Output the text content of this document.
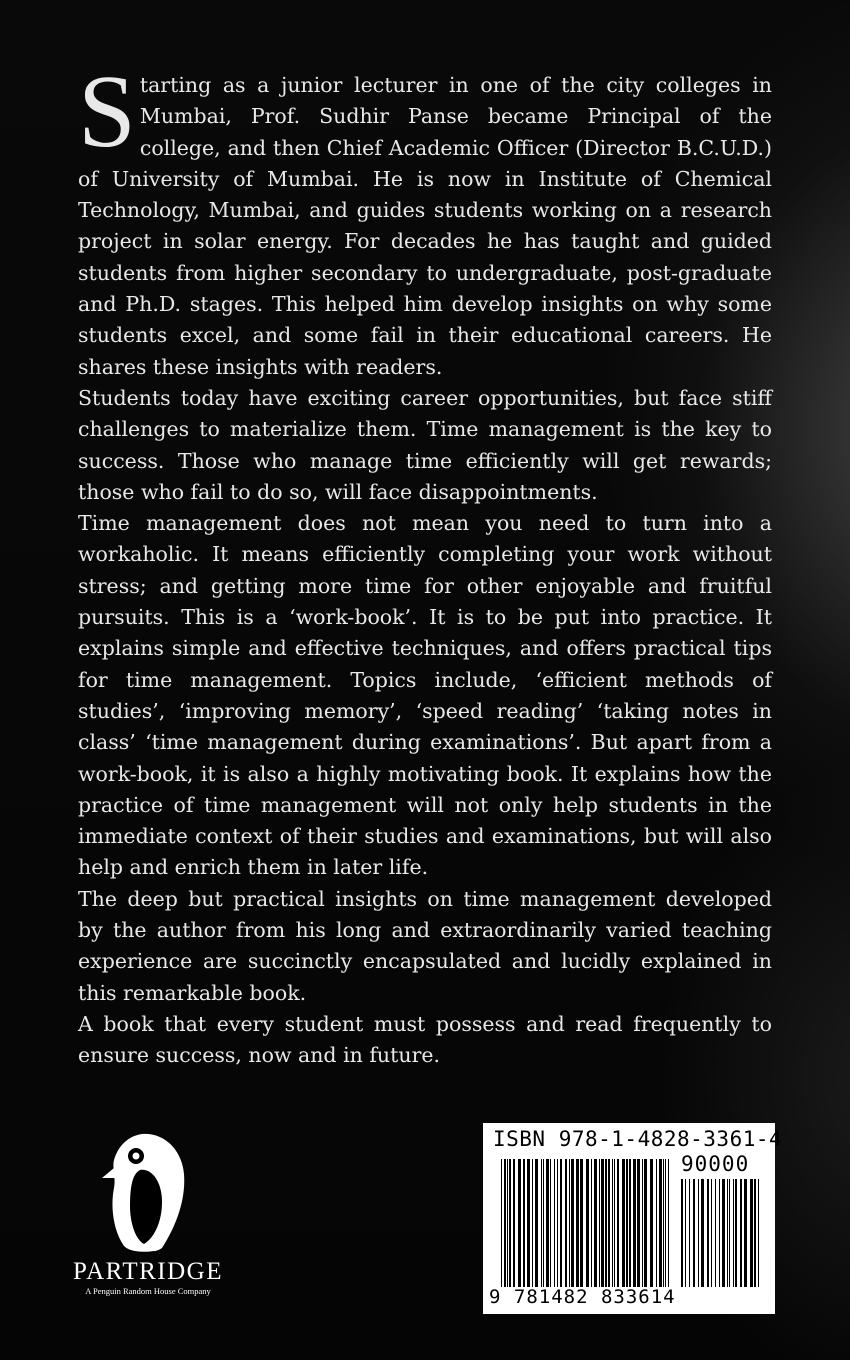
Starting as a junior lecturer in one of the city colleges in Mumbai, Prof. Sudhir Panse became Principal of the college, and then Chief Academic Officer (Director B.C.U.D.) of University of Mumbai. He is now in Institute of Chemical Technology, Mumbai, and guides students working on a research project in solar energy. For decades he has taught and guided students from higher secondary to undergraduate, post-graduate and Ph.D. stages. This helped him develop insights on why some students excel, and some fail in their educational careers. He shares these insights with readers.

Students today have exciting career opportunities, but face stiff challenges to materialize them. Time management is the key to success. Those who manage time efficiently will get rewards; those who fail to do so, will face disappointments.

Time management does not mean you need to turn into a workaholic. It means efficiently completing your work without stress; and getting more time for other enjoyable and fruitful pursuits. This is a ‘work-book’. It is to be put into practice. It explains simple and effective techniques, and offers practical tips for time management. Topics include, ‘efficient methods of studies’, ‘improving memory’, ‘speed reading’ ‘taking notes in class’ ‘time management during examinations’. But apart from a work-book, it is also a highly motivating book. It explains how the practice of time management will not only help students in the immediate context of their studies and examinations, but will also help and enrich them in later life.

The deep but practical insights on time management developed by the author from his long and extraordinarily varied teaching experience are succinctly encapsulated and lucidly explained in this remarkable book.

A book that every student must possess and read frequently to ensure success, now and in future.

PARTRIDGE
A Penguin Random House Company
ISBN 978-1-4828-3361-4
90000
9 781482 833614
